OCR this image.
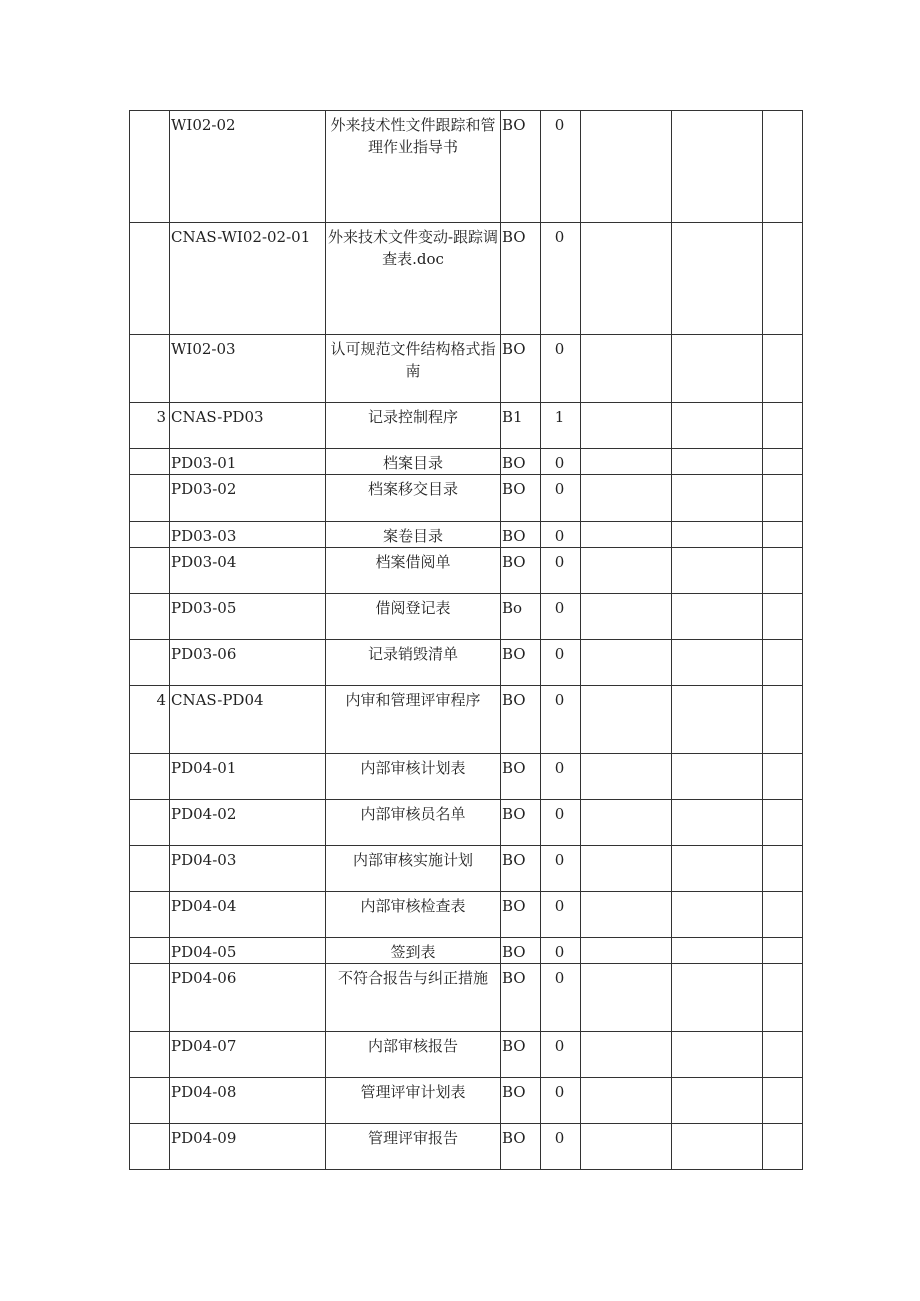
	WI02-02	外来技术性文件跟踪和管理作业指导书	BO	0			

	CNAS-WI02-02-01	外来技术文件变动-跟踪调查表.doc	BO	0			

	WI02-03	认可规范文件结构格式指南	BO	0			

3	CNAS-PD03	记录控制程序	B1	1			

	PD03-01	档案目录	BO	0			

	PD03-02	档案移交目录	BO	0			

	PD03-03	案卷目录	BO	0			

	PD03-04	档案借阅单	BO	0			

	PD03-05	借阅登记表	Bo	0			

	PD03-06	记录销毁清单	BO	0			

4	CNAS-PD04	内审和管理评审程序	BO	0			

	PD04-01	内部审核计划表	BO	0			

	PD04-02	内部审核员名单	BO	0			

	PD04-03	内部审核实施计划	BO	0			

	PD04-04	内部审核检查表	BO	0			

	PD04-05	签到表	BO	0			

	PD04-06	不符合报告与纠正措施	BO	0			

	PD04-07	内部审核报告	BO	0			

	PD04-08	管理评审计划表	BO	0			

	PD04-09	管理评审报告	BO	0			
